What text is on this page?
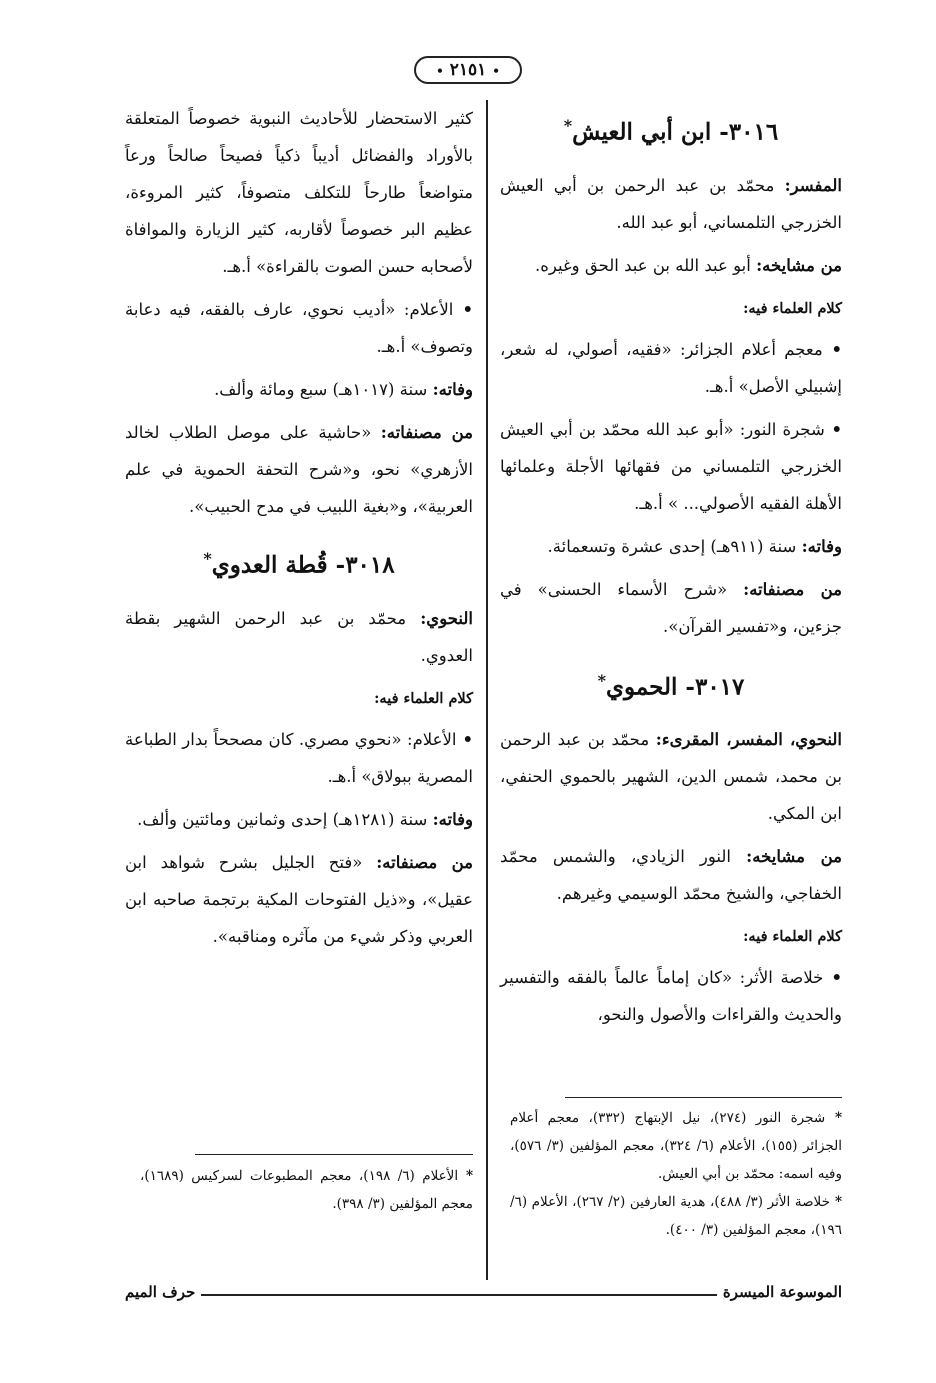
• ٢١٥١ •
٣٠١٦- ابن أبي العيش*

المفسر: محمّد بن عبد الرحمن بن أبي العيش الخزرجي التلمساني، أبو عبد الله.

من مشايخه: أبو عبد الله بن عبد الحق وغيره.

كلام العلماء فيه:

• معجم أعلام الجزائر: «فقيه، أصولي، له شعر، إشبيلي الأصل» أ.هـ.

• شجرة النور: «أبو عبد الله محمّد بن أبي العيش الخزرجي التلمساني من فقهائها الأجلة وعلمائها الأهلة الفقيه الأصولي... » أ.هـ.

وفاته: سنة (٩١١هـ) إحدى عشرة وتسعمائة.

من مصنفاته: «شرح الأسماء الحسنى» في جزءين، و«تفسير القرآن».

٣٠١٧- الحموي*

النحوي، المفسر، المقرىء: محمّد بن عبد الرحمن بن محمد، شمس الدين، الشهير بالحموي الحنفي، ابن المكي.

من مشايخه: النور الزيادي، والشمس محمّد الخفاجي، والشيخ محمّد الوسيمي وغيرهم.

كلام العلماء فيه:

• خلاصة الأثر: «كان إماماً عالماً بالفقه والتفسير والحديث والقراءات والأصول والنحو،

* شجرة النور (٢٧٤)، نيل الإبتهاج (٣٣٢)، معجم أعلام الجزائر (١٥٥)، الأعلام (٦/ ٣٢٤)، معجم المؤلفين (٣/ ٥٧٦)، وفيه اسمه: محمّد بن أبي العيش.

* خلاصة الأثر (٣/ ٤٨٨)، هدية العارفين (٢/ ٢٦٧)، الأعلام (٦/ ١٩٦)، معجم المؤلفين (٣/ ٤٠٠).

كثير الاستحضار للأحاديث النبوية خصوصاً المتعلقة بالأوراد والفضائل أديباً ذكياً فصيحاً صالحاً ورعاً متواضعاً طارحاً للتكلف متصوفاً، كثير المروءة، عظيم البر خصوصاً لأقاربه، كثير الزيارة والموافاة لأصحابه حسن الصوت بالقراءة» أ.هـ.

• الأعلام: «أديب نحوي، عارف بالفقه، فيه دعابة وتصوف» أ.هـ.

وفاته: سنة (١٠١٧هـ) سبع ومائة وألف.

من مصنفاته: «حاشية على موصل الطلاب لخالد الأزهري» نحو، و«شرح التحفة الحموية في علم العربية»، و«بغية اللبيب في مدح الحبيب».

٣٠١٨- قُطة العدوي*

النحوي: محمّد بن عبد الرحمن الشهير بقطة العدوي.

كلام العلماء فيه:

• الأعلام: «نحوي مصري. كان مصححاً بدار الطباعة المصرية ببولاق» أ.هـ.

وفاته: سنة (١٢٨١هـ) إحدى وثمانين ومائتين وألف.

من مصنفاته: «فتح الجليل بشرح شواهد ابن عقيل»، و«ذيل الفتوحات المكية برتجمة صاحبه ابن العربي وذكر شيء من مآثره ومناقبه».

* الأعلام (٦/ ١٩٨)، معجم المطبوعات لسركيس (١٦٨٩)، معجم المؤلفين (٣/ ٣٩٨).

الموسوعة الميسرة
حرف الميم
